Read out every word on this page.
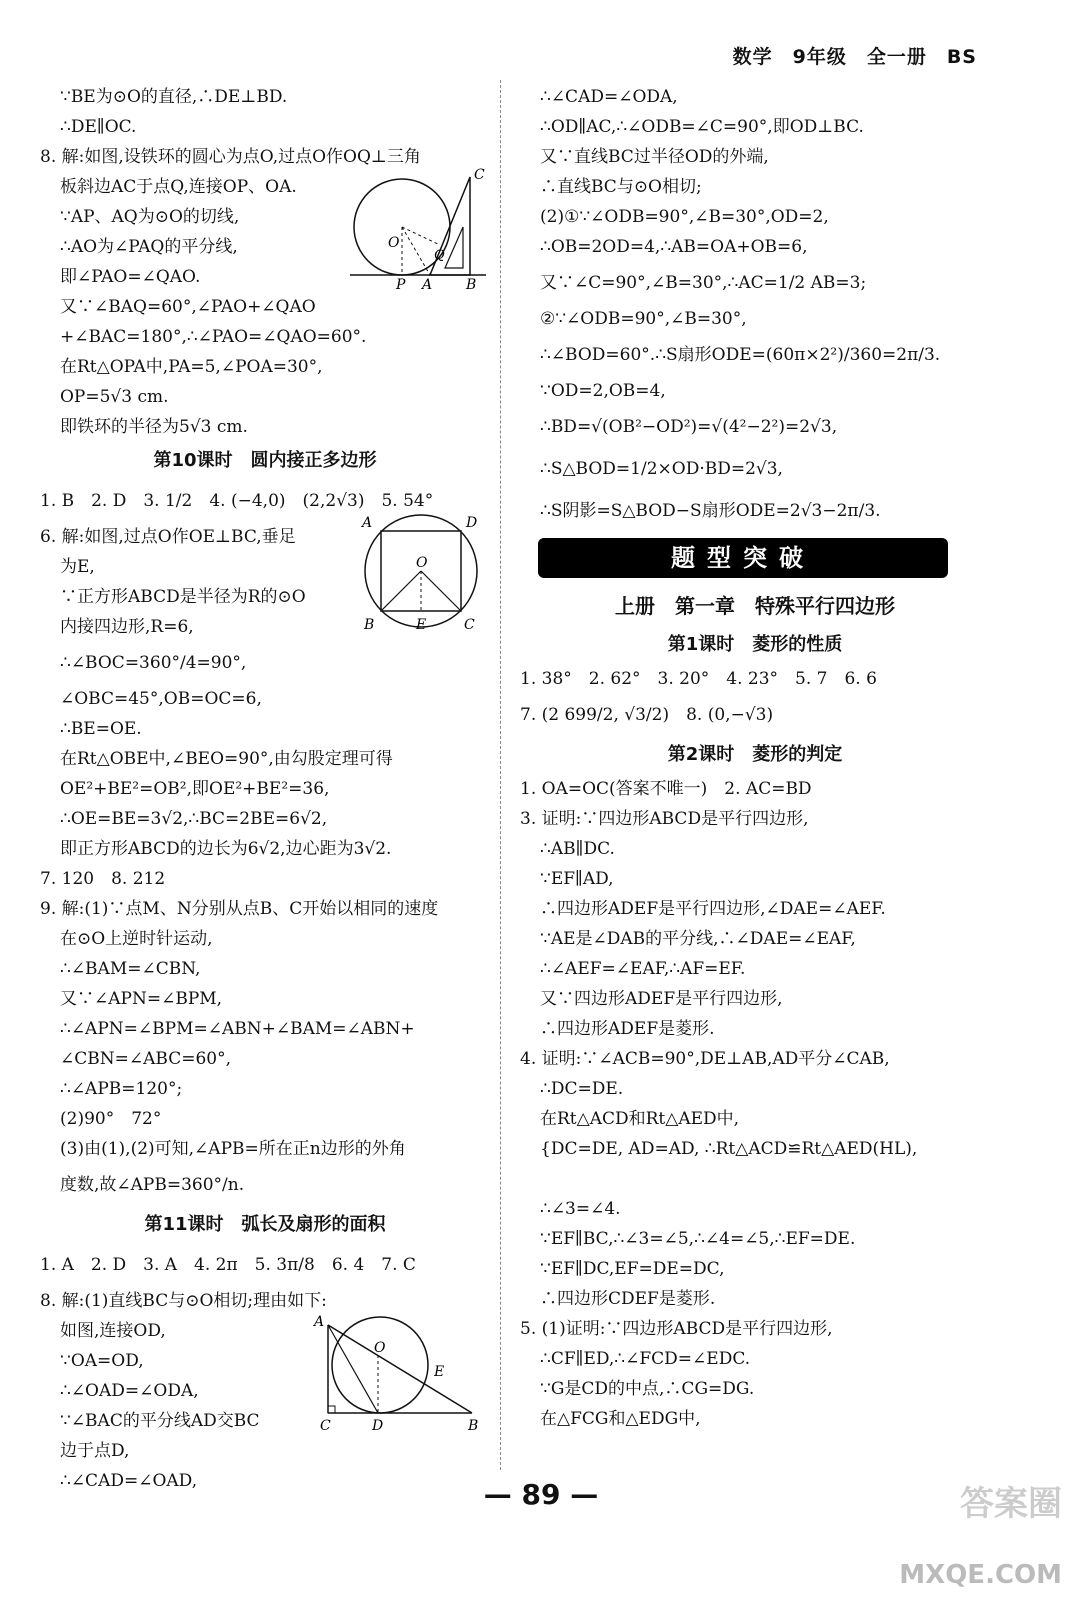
数学　9年级　全一册　BS
∵BE为⊙O的直径,∴DE⊥BD.
∴DE∥OC.
8. 解:如图,设铁环的圆心为点O,过点O作OQ⊥三角
板斜边AC于点Q,连接OP、OA.
∵AP、AQ为⊙O的切线,
∴AO为∠PAQ的平分线,
即∠PAO=∠QAO.
又∵∠BAQ=60°,∠PAO+∠QAO
+∠BAC=180°,∴∠PAO=∠QAO=60°.
在Rt△OPA中,PA=5,∠POA=30°,
OP=5√3 cm.
即铁环的半径为5√3 cm.
第10课时　圆内接正多边形
1. B　2. D　3. 1/2　4. (−4,0)　(2,2√3)　5. 54°
6. 解:如图,过点O作OE⊥BC,垂足
为E,
∵正方形ABCD是半径为R的⊙O
内接四边形,R=6,
∴∠BOC=360°/4=90°,
∠OBC=45°,OB=OC=6,
∴BE=OE.
在Rt△OBE中,∠BEO=90°,由勾股定理可得
OE²+BE²=OB²,即OE²+BE²=36,
∴OE=BE=3√2,∴BC=2BE=6√2,
即正方形ABCD的边长为6√2,边心距为3√2.
7. 120　8. 212
9. 解:(1)∵点M、N分别从点B、C开始以相同的速度
在⊙O上逆时针运动,
∴∠BAM=∠CBN,
又∵∠APN=∠BPM,
∴∠APN=∠BPM=∠ABN+∠BAM=∠ABN+
∠CBN=∠ABC=60°,
∴∠APB=120°;
(2)90°　72°
(3)由(1),(2)可知,∠APB=所在正n边形的外角
度数,故∠APB=360°/n.
第11课时　弧长及扇形的面积
1. A　2. D　3. A　4. 2π　5. 3π/8　6. 4　7. C
8. 解:(1)直线BC与⊙O相切;理由如下:
如图,连接OD,
∵OA=OD,
∴∠OAD=∠ODA,
∵∠BAC的平分线AD交BC
边于点D,
∴∠CAD=∠OAD,
∴∠CAD=∠ODA,
∴OD∥AC,∴∠ODB=∠C=90°,即OD⊥BC.
又∵直线BC过半径OD的外端,
∴直线BC与⊙O相切;
(2)①∵∠ODB=90°,∠B=30°,OD=2,
∴OB=2OD=4,∴AB=OA+OB=6,
又∵∠C=90°,∠B=30°,∴AC=1/2 AB=3;
②∵∠ODB=90°,∠B=30°,
∴∠BOD=60°.∴S扇形ODE=(60π×2²)/360=2π/3.
∵OD=2,OB=4,
∴BD=√(OB²−OD²)=√(4²−2²)=2√3,
∴S△BOD=1/2×OD·BD=2√3,
∴S阴影=S△BOD−S扇形ODE=2√3−2π/3.
题型突破
上册　第一章　特殊平行四边形
第1课时　菱形的性质
1. 38°　2. 62°　3. 20°　4. 23°　5. 7　6. 6
7. (2 699/2, √3/2)　8. (0,−√3)
第2课时　菱形的判定
1. OA=OC(答案不唯一)　2. AC=BD
3. 证明:∵四边形ABCD是平行四边形,
∴AB∥DC.
∵EF∥AD,
∴四边形ADEF是平行四边形,∠DAE=∠AEF.
∵AE是∠DAB的平分线,∴∠DAE=∠EAF,
∴∠AEF=∠EAF,∴AF=EF.
又∵四边形ADEF是平行四边形,
∴四边形ADEF是菱形.
4. 证明:∵∠ACB=90°,DE⊥AB,AD平分∠CAB,
∴DC=DE.
在Rt△ACD和Rt△AED中,
{DC=DE, AD=AD, ∴Rt△ACD≌Rt△AED(HL),
∴∠3=∠4.
∵EF∥BC,∴∠3=∠5,∴∠4=∠5,∴EF=DE.
∵EF∥DC,EF=DE=DC,
∴四边形CDEF是菱形.
5. (1)证明:∵四边形ABCD是平行四边形,
∴CF∥ED,∴∠FCD=∠EDC.
∵G是CD的中点,∴CG=DG.
在△FCG和△EDG中,
O
P A
Q
B
C
A	D
B	C
O
E
A
O
E
C	D	B
— 89 —	答案圈
MXQE.COM
